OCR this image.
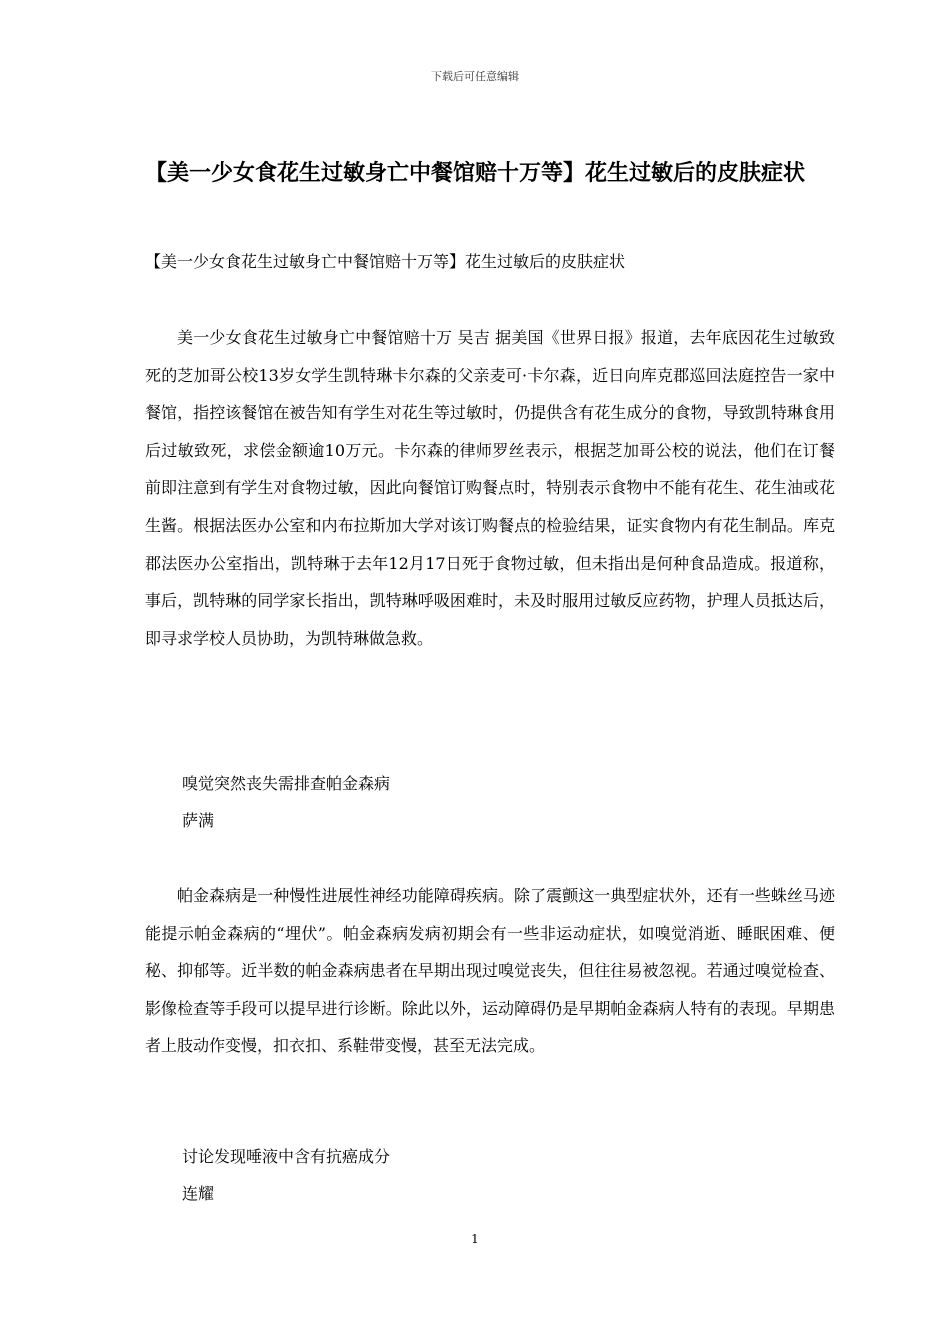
下载后可任意编辑
【美一少女食花生过敏身亡中餐馆赔十万等】花生过敏后的皮肤症状

【美一少女食花生过敏身亡中餐馆赔十万等】花生过敏后的皮肤症状

美一少女食花生过敏身亡中餐馆赔十万 吴吉 据美国《世界日报》报道，去年底因花生过敏致死的芝加哥公校13岁女学生凯特琳卡尔森的父亲麦可·卡尔森，近日向库克郡巡回法庭控告一家中餐馆，指控该餐馆在被告知有学生对花生等过敏时，仍提供含有花生成分的食物，导致凯特琳食用后过敏致死，求偿金额逾10万元。卡尔森的律师罗丝表示，根据芝加哥公校的说法，他们在订餐前即注意到有学生对食物过敏，因此向餐馆订购餐点时，特别表示食物中不能有花生、花生油或花生酱。根据法医办公室和内布拉斯加大学对该订购餐点的检验结果，证实食物内有花生制品。库克郡法医办公室指出，凯特琳于去年12月17日死于食物过敏，但未指出是何种食品造成。报道称，事后，凯特琳的同学家长指出，凯特琳呼吸困难时，未及时服用过敏反应药物，护理人员抵达后，即寻求学校人员协助，为凯特琳做急救。

嗅觉突然丧失需排查帕金森病

萨满

帕金森病是一种慢性进展性神经功能障碍疾病。除了震颤这一典型症状外，还有一些蛛丝马迹能提示帕金森病的“埋伏”。帕金森病发病初期会有一些非运动症状，如嗅觉消逝、睡眠困难、便秘、抑郁等。近半数的帕金森病患者在早期出现过嗅觉丧失，但往往易被忽视。若通过嗅觉检查、影像检查等手段可以提早进行诊断。除此以外，运动障碍仍是早期帕金森病人特有的表现。早期患者上肢动作变慢，扣衣扣、系鞋带变慢，甚至无法完成。

讨论发现唾液中含有抗癌成分

连耀

1
